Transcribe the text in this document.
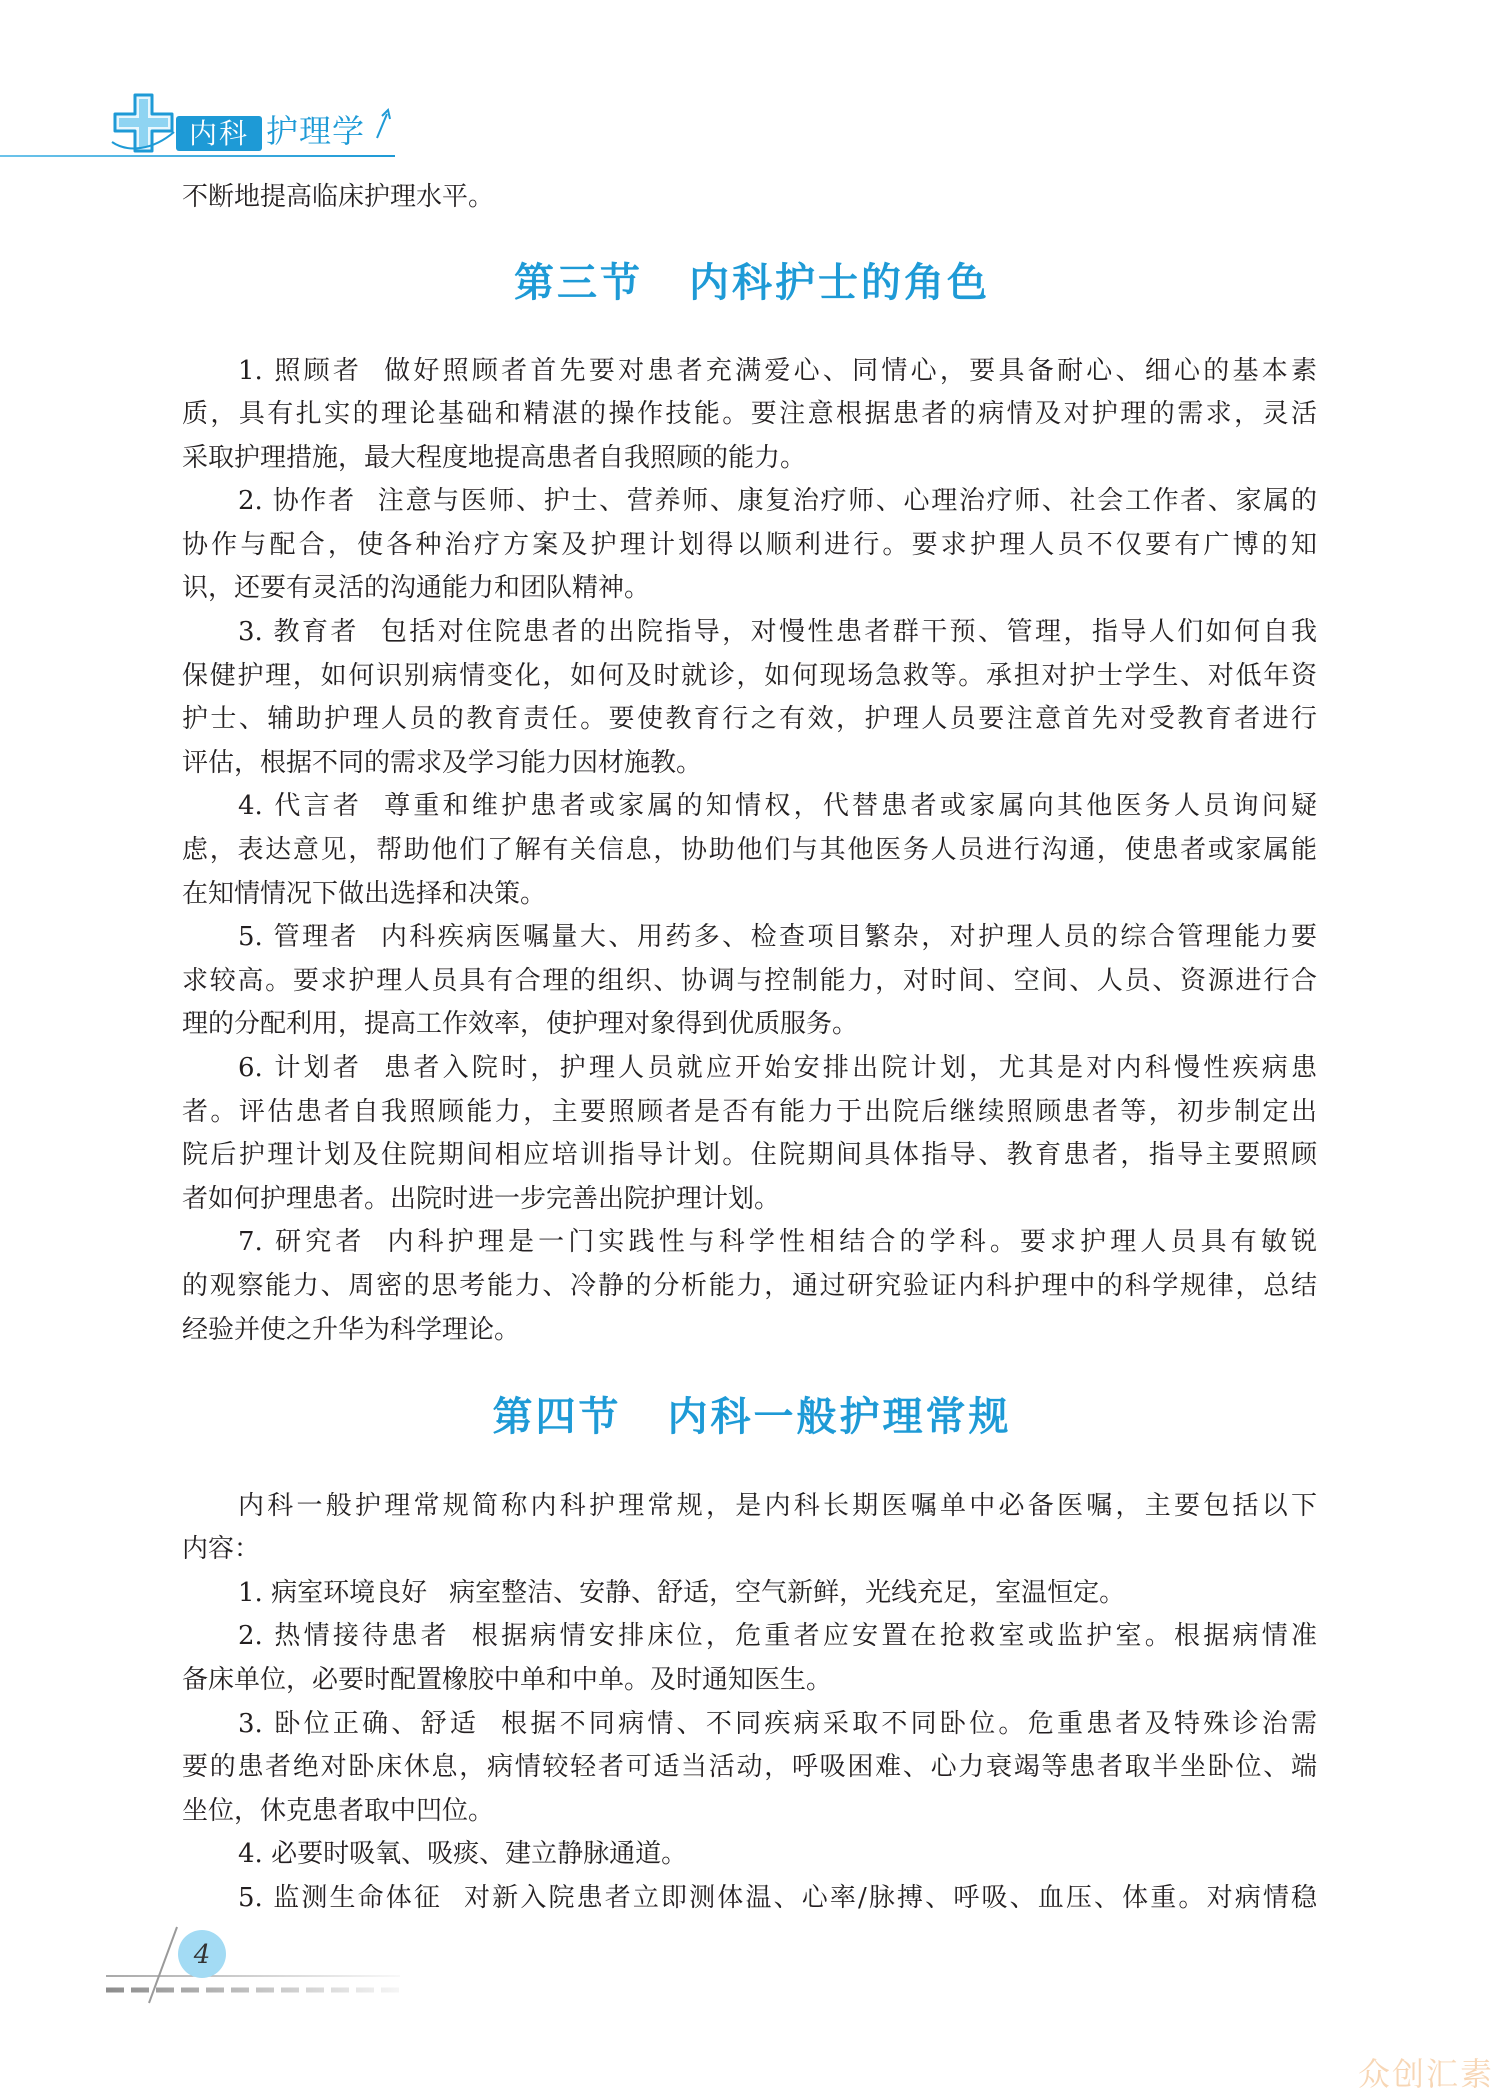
内科 护理学
不断地提高临床护理水平。
第三节 内科护士的角色
1. 照顾者 做好照顾者首先要对患者充满爱心、同情心，要具备耐心、细心的基本素
质，具有扎实的理论基础和精湛的操作技能。要注意根据患者的病情及对护理的需求，灵活
采取护理措施，最大程度地提高患者自我照顾的能力。
2. 协作者 注意与医师、护士、营养师、康复治疗师、心理治疗师、社会工作者、家属的
协作与配合，使各种治疗方案及护理计划得以顺利进行。要求护理人员不仅要有广博的知
识，还要有灵活的沟通能力和团队精神。
3. 教育者 包括对住院患者的出院指导，对慢性患者群干预、管理，指导人们如何自我
保健护理，如何识别病情变化，如何及时就诊，如何现场急救等。承担对护士学生、对低年资
护士、辅助护理人员的教育责任。要使教育行之有效，护理人员要注意首先对受教育者进行
评估，根据不同的需求及学习能力因材施教。
4. 代言者 尊重和维护患者或家属的知情权，代替患者或家属向其他医务人员询问疑
虑，表达意见，帮助他们了解有关信息，协助他们与其他医务人员进行沟通，使患者或家属能
在知情情况下做出选择和决策。
5. 管理者 内科疾病医嘱量大、用药多、检查项目繁杂，对护理人员的综合管理能力要
求较高。要求护理人员具有合理的组织、协调与控制能力，对时间、空间、人员、资源进行合
理的分配利用，提高工作效率，使护理对象得到优质服务。
6. 计划者 患者入院时，护理人员就应开始安排出院计划，尤其是对内科慢性疾病患
者。评估患者自我照顾能力，主要照顾者是否有能力于出院后继续照顾患者等，初步制定出
院后护理计划及住院期间相应培训指导计划。住院期间具体指导、教育患者，指导主要照顾
者如何护理患者。出院时进一步完善出院护理计划。
7. 研究者 内科护理是一门实践性与科学性相结合的学科。要求护理人员具有敏锐
的观察能力、周密的思考能力、冷静的分析能力，通过研究验证内科护理中的科学规律，总结
经验并使之升华为科学理论。
第四节 内科一般护理常规
内科一般护理常规简称内科护理常规，是内科长期医嘱单中必备医嘱，主要包括以下
内容：
1. 病室环境良好 病室整洁、安静、舒适，空气新鲜，光线充足，室温恒定。
2. 热情接待患者 根据病情安排床位，危重者应安置在抢救室或监护室。根据病情准
备床单位，必要时配置橡胶中单和中单。及时通知医生。
3. 卧位正确、舒适 根据不同病情、不同疾病采取不同卧位。危重患者及特殊诊治需
要的患者绝对卧床休息，病情较轻者可适当活动，呼吸困难、心力衰竭等患者取半坐卧位、端
坐位，休克患者取中凹位。
4. 必要时吸氧、吸痰、建立静脉通道。
5. 监测生命体征 对新入院患者立即测体温、心率/脉搏、呼吸、血压、体重。对病情稳
4
众创汇素
